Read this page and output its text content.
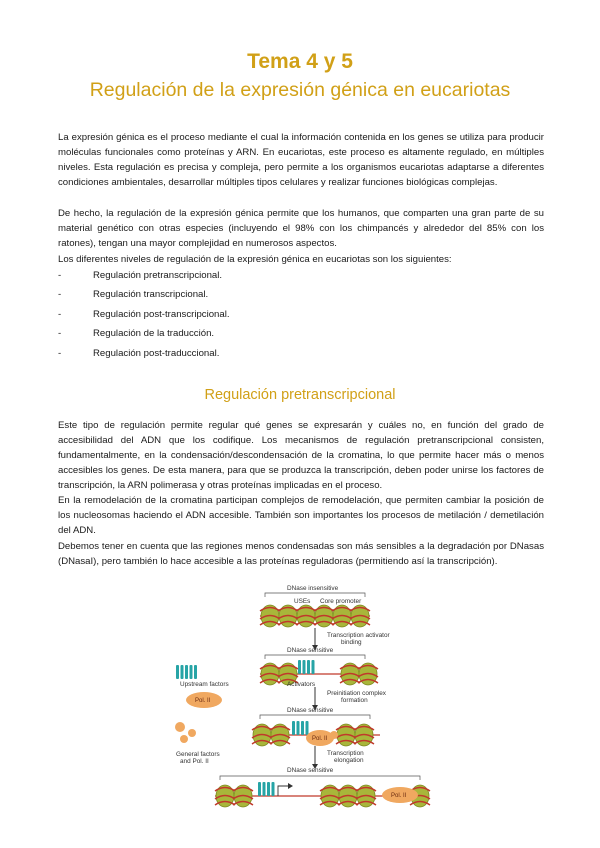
Tema 4 y 5
Regulación de la expresión génica en eucariotas

La expresión génica es el proceso mediante el cual la información contenida en los genes se utiliza para producir moléculas funcionales como proteínas y ARN. En eucariotas, este proceso es altamente regulado, en múltiples niveles. Esta regulación es precisa y compleja, pero permite a los organismos eucariotas adaptarse a diferentes condiciones ambientales, desarrollar múltiples tipos celulares y realizar funciones biológicas complejas.

De hecho, la regulación de la expresión génica permite que los humanos, que comparten una gran parte de su material genético con otras especies (incluyendo el 98% con los chimpancés y alrededor del 85% con los ratones), tengan una mayor complejidad en numerosos aspectos.

Los diferentes niveles de regulación de la expresión génica en eucariotas son los siguientes:

-	Regulación pretranscripcional.
-	Regulación transcripcional.
-	Regulación post-transcripcional.
-	Regulación de la traducción.
-	Regulación post-traduccional.
Regulación pretranscripcional

Este tipo de regulación permite regular qué genes se expresarán y cuáles no, en función del grado de accesibilidad del ADN que los codifique. Los mecanismos de regulación pretranscripcional consisten, fundamentalmente, en la condensación/descondensación de la cromatina, lo que permite hacer más o menos accesibles los genes. De esta manera, para que se produzca la transcripción, deben poder unirse los factores de transcripción, la ARN polimerasa y otras proteínas implicadas en el proceso.

En la remodelación de la cromatina participan complejos de remodelación, que permiten cambiar la posición de los nucleosomas haciendo el ADN accesible. También son importantes los procesos de metilación / demetilación del ADN.

Debemos tener en cuenta que las regiones menos condensadas son más sensibles a la degradación por DNasas (DNasaI), pero también lo hace accesible a las proteínas reguladoras (permitiendo así la transcripción).

DNase insensitive
USEs Core promoter
Transcription activator
binding
DNase sensitive
Upstream factors	Activators
Preinitiation complex
formation
DNase sensitive
General factors
and Pol. II
Transcription
elongation
DNase sensitive
Pol. II
Pol. II
Pol. II
